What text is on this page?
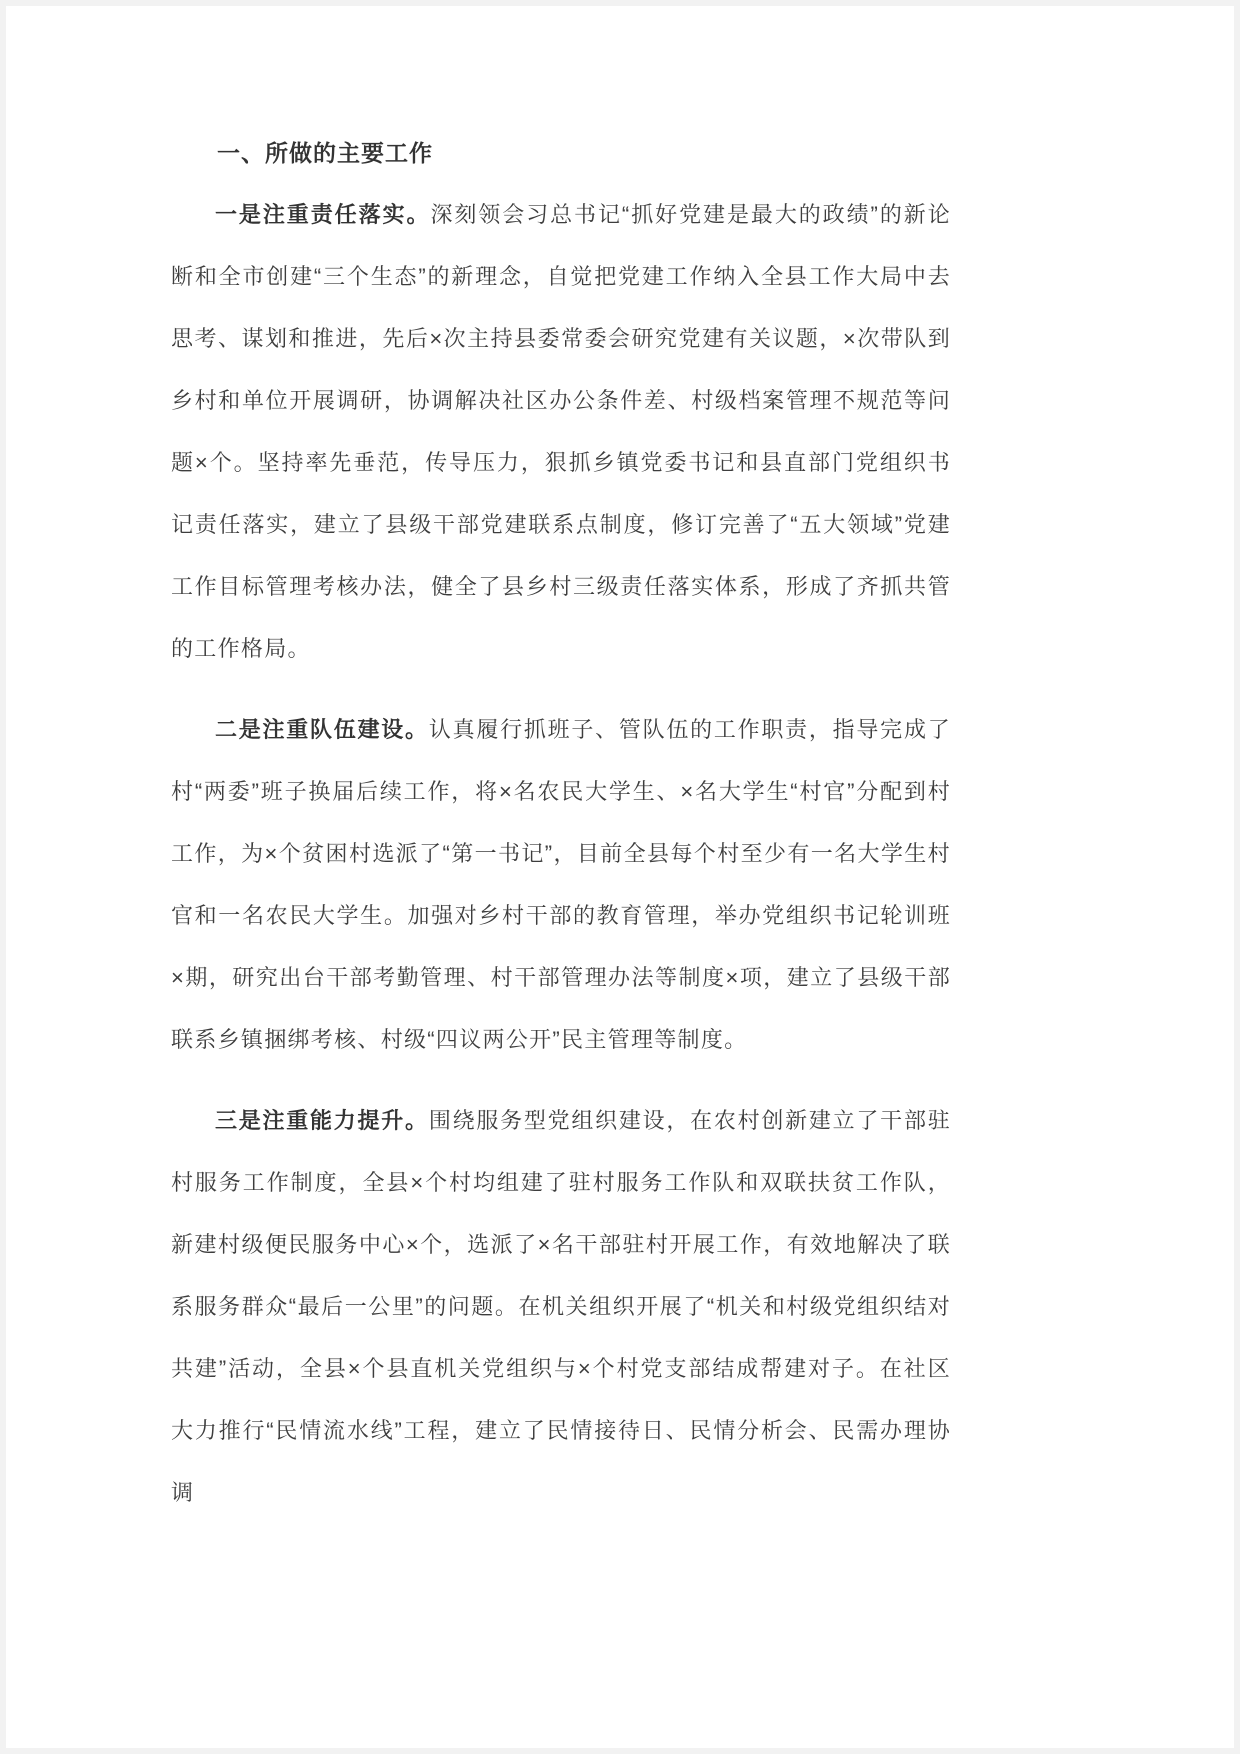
一、所做的主要工作

一是注重责任落实。深刻领会习总书记“抓好党建是最大的政绩”的新论断和全市创建“三个生态”的新理念，自觉把党建工作纳入全县工作大局中去思考、谋划和推进，先后×次主持县委常委会研究党建有关议题，×次带队到乡村和单位开展调研，协调解决社区办公条件差、村级档案管理不规范等问题×个。坚持率先垂范，传导压力，狠抓乡镇党委书记和县直部门党组织书记责任落实，建立了县级干部党建联系点制度，修订完善了“五大领域”党建工作目标管理考核办法，健全了县乡村三级责任落实体系，形成了齐抓共管的工作格局。

二是注重队伍建设。认真履行抓班子、管队伍的工作职责，指导完成了村“两委”班子换届后续工作，将×名农民大学生、×名大学生“村官”分配到村工作，为×个贫困村选派了“第一书记”，目前全县每个村至少有一名大学生村官和一名农民大学生。加强对乡村干部的教育管理，举办党组织书记轮训班×期，研究出台干部考勤管理、村干部管理办法等制度×项，建立了县级干部联系乡镇捆绑考核、村级“四议两公开”民主管理等制度。

三是注重能力提升。围绕服务型党组织建设，在农村创新建立了干部驻村服务工作制度，全县×个村均组建了驻村服务工作队和双联扶贫工作队，新建村级便民服务中心×个，选派了×名干部驻村开展工作，有效地解决了联系服务群众“最后一公里”的问题。在机关组织开展了“机关和村级党组织结对共建”活动，全县×个县直机关党组织与×个村党支部结成帮建对子。在社区大力推行“民情流水线”工程，建立了民情接待日、民情分析会、民需办理协调
